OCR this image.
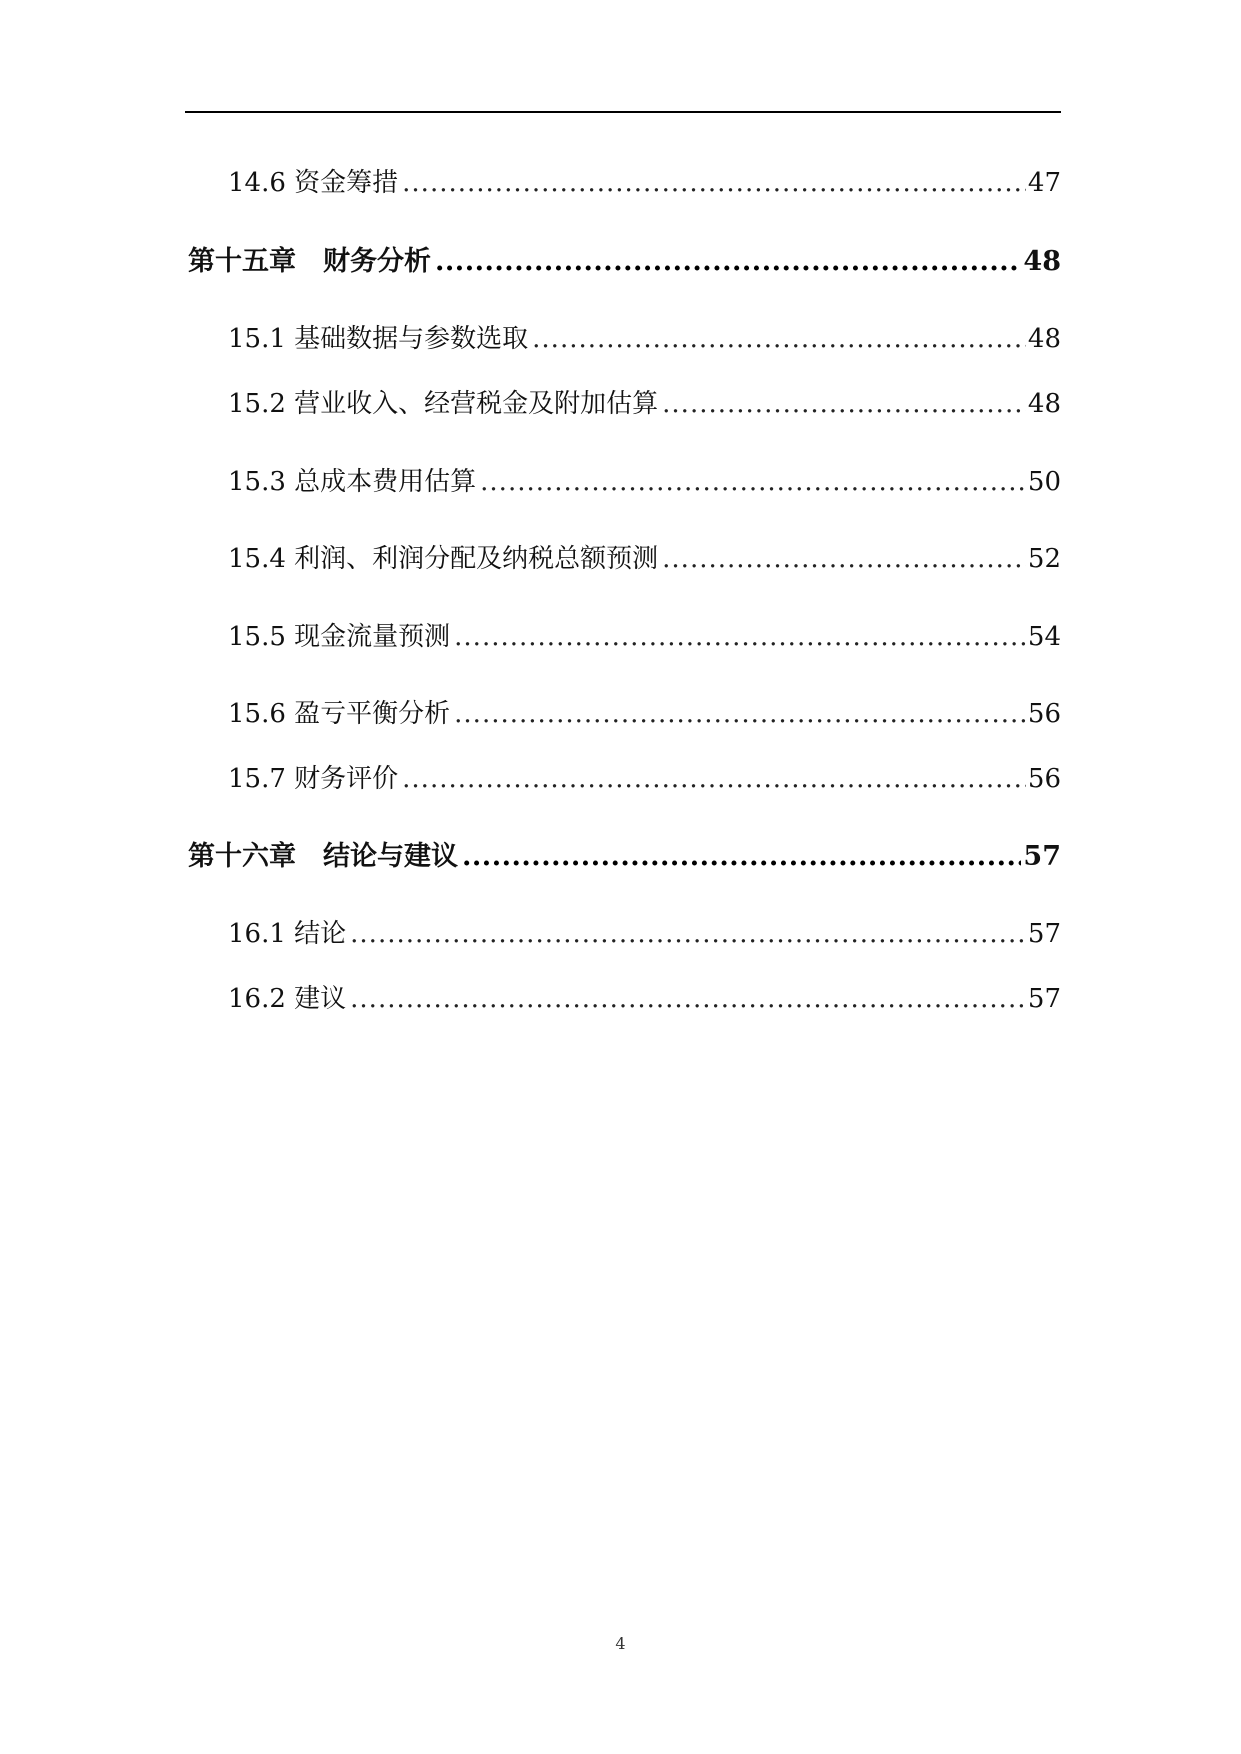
14.6 资金筹措 .....	47
第十五章　财务分析 .....	48
15.1 基础数据与参数选取 .....	48
15.2 营业收入、经营税金及附加估算 .....	48
15.3 总成本费用估算 .....	50
15.4 利润、利润分配及纳税总额预测 .....	52
15.5 现金流量预测 .....	54
15.6 盈亏平衡分析 .....	56
15.7 财务评价 .....	56
第十六章　结论与建议 .....	57
16.1 结论 .....	57
16.2 建议 .....	57
4
